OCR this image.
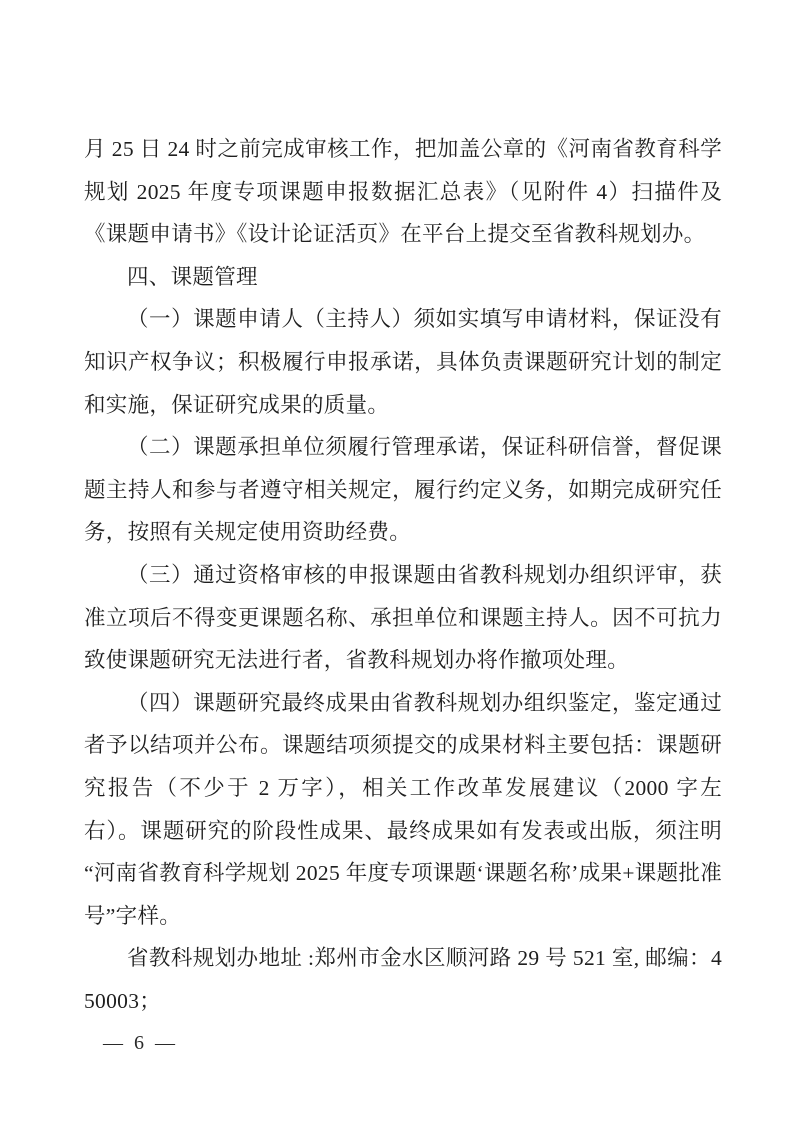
月 25 日 24 时之前完成审核工作，把加盖公章的《河南省教育科学规划 2025 年度专项课题申报数据汇总表》（见附件 4）扫描件及《课题申请书》《设计论证活页》在平台上提交至省教科规划办。

四、课题管理

（一）课题申请人（主持人）须如实填写申请材料，保证没有知识产权争议；积极履行申报承诺，具体负责课题研究计划的制定和实施，保证研究成果的质量。

（二）课题承担单位须履行管理承诺，保证科研信誉，督促课题主持人和参与者遵守相关规定，履行约定义务，如期完成研究任务，按照有关规定使用资助经费。

（三）通过资格审核的申报课题由省教科规划办组织评审，获准立项后不得变更课题名称、承担单位和课题主持人。因不可抗力致使课题研究无法进行者，省教科规划办将作撤项处理。

（四）课题研究最终成果由省教科规划办组织鉴定，鉴定通过者予以结项并公布。课题结项须提交的成果材料主要包括：课题研究报告（不少于 2 万字），相关工作改革发展建议（2000 字左右）。课题研究的阶段性成果、最终成果如有发表或出版，须注明“河南省教育科学规划 2025 年度专项课题‘课题名称’成果+课题批准号”字样。

省教科规划办地址 :郑州市金水区顺河路 29 号 521 室, 邮编：450003；

— 6 —
